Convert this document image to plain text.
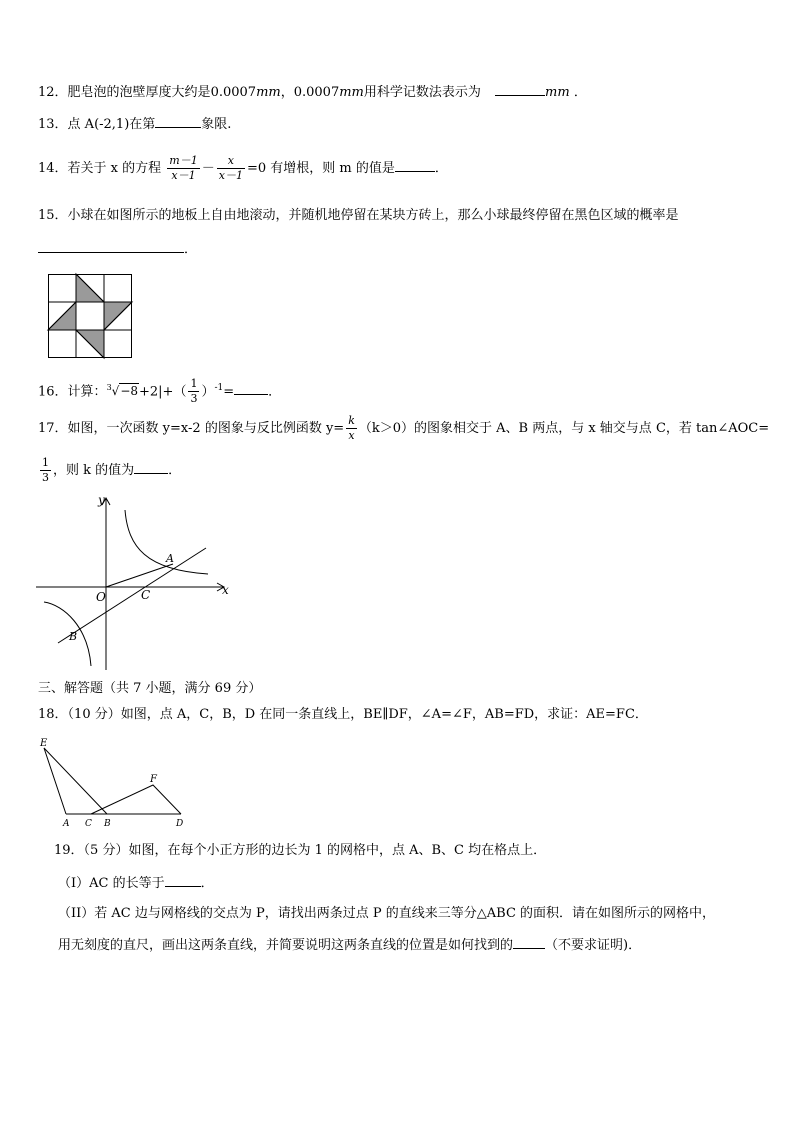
12．肥皂泡的泡壁厚度大约是0.0007mm，0.0007mm用科学记数法表示为	mm ．
13．点 A(-2,1)在第	象限.
14．若关于 x 的方程 $\frac{m-1}{x-1} - \frac{x}{x-1} =0$ 有增根，则 m 的值是	．
15．小球在如图所示的地板上自由地滚动，并随机地停留在某块方砖上，那么小球最终停留在黑色区域的概率是
．
16．计算：$^3√-8+2|+( \frac{1}{3} )^{-1}=$	．
17．如图，一次函数 y=x-2 的图象与反比例函数 $y= \frac{k}{x} (k>0)$的图象相交于 A、B 两点，与 x 轴交与点 C，若 tan∠AOC=
$\frac{1}{3}$ ，则 k 的值为	．
y
x
O
A
B
C
三、解答题（共 7 小题，满分 69 分）
18．（10 分）如图，点 A，C，B，D 在同一条直线上，BE∥DF，∠A=∠F，AB=FD，求证：AE=FC．
E
F
A C B	D
19．（5 分）如图，在每个小正方形的边长为 1 的网格中，点 A、B、C 均在格点上．
（I）AC 的长等于	．
（II）若 AC 边与网格线的交点为 P，请找出两条过点 P 的直线来三等分△ABC 的面积．请在如图所示的网格中，
用无刻度的直尺，画出这两条直线，并简要说明这两条直线的位置是如何找到的 （不要求证明)．
